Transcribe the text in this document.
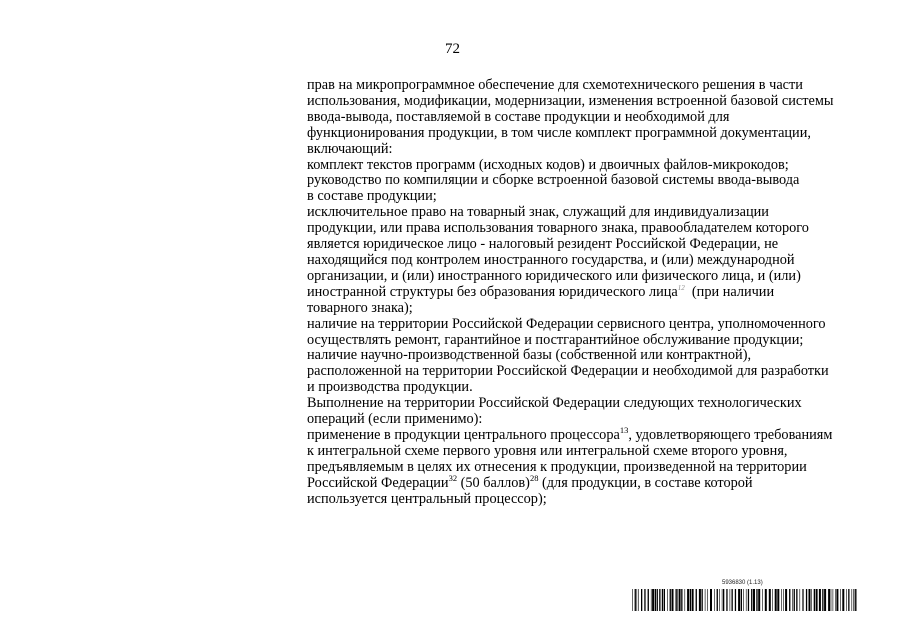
72

прав на микропрограммное обеспечение для схемотехнического решения в части

использования, модификации, модернизации, изменения встроенной базовой системы

ввода-вывода, поставляемой в составе продукции и необходимой для

функционирования продукции, в том числе комплект программной документации,

включающий:

комплект текстов программ (исходных кодов) и двоичных файлов-микрокодов;

руководство по компиляции и сборке встроенной базовой системы ввода-вывода

в составе продукции;

исключительное право на товарный знак, служащий для индивидуализации

продукции, или права использования товарного знака, правообладателем которого

является юридическое лицо - налоговый резидент Российской Федерации, не

находящийся под контролем иностранного государства, и (или) международной

организации, и (или) иностранного юридического или физического лица, и (или)

иностранной структуры без образования юридического лица$^{12}$  (при наличии

товарного знака);

наличие на территории Российской Федерации сервисного центра, уполномоченного

осуществлять ремонт, гарантийное и постгарантийное обслуживание продукции;

наличие научно-производственной базы (собственной или контрактной),

расположенной на территории Российской Федерации и необходимой для разработки

и производства продукции.

Выполнение на территории Российской Федерации следующих технологических

операций (если применимо):

применение в продукции центрального процессора$^{13}$, удовлетворяющего требованиям

к интегральной схеме первого уровня или интегральной схеме второго уровня,

предъявляемым в целях их отнесения к продукции, произведенной на территории

Российской Федерации$^{32}$ (50 баллов)$^{28}$ (для продукции, в составе которой

используется центральный процессор);

5936830 (1.13)
